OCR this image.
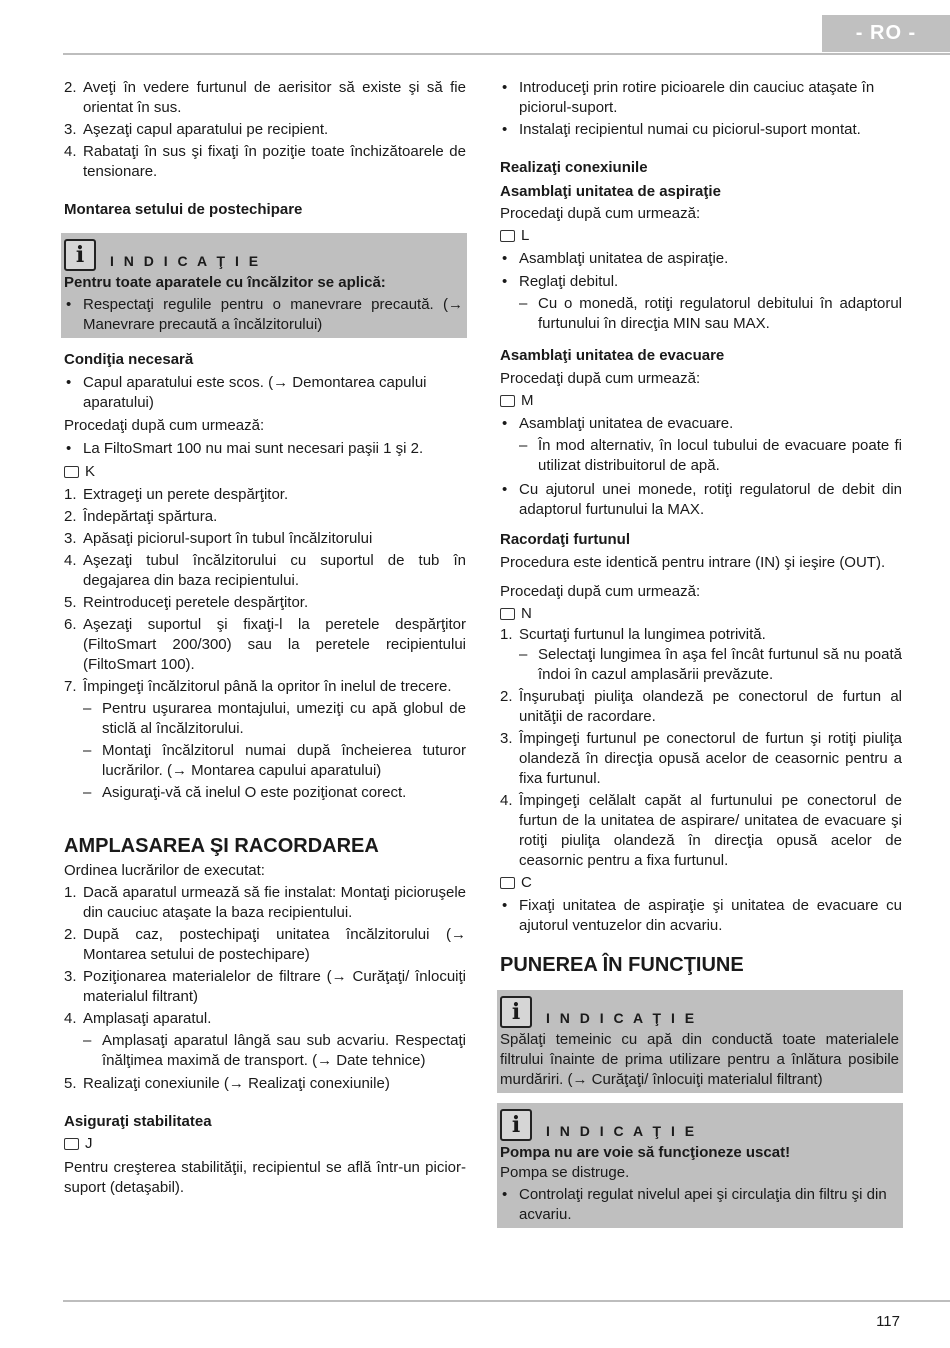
- RO -
2. Aveţi în vedere furtunul de aerisitor să existe şi să fie orientat în sus.
3. Aşezaţi capul aparatului pe recipient.
4. Rabataţi în sus şi fixaţi în poziţie toate închizătoarele de tensionare.

Montarea setului de postechipare

i	I N D I C A Ţ I E

Pentru toate aparatele cu încălzitor se aplică:

• Respectaţi regulile pentru o manevrare precaută. (→ Manevrare precaută a încălzitorului)

Condiţia necesară

• Capul aparatului este scos. (→ Demontarea capului aparatului)

Procedaţi după cum urmează:

• La FiltoSmart 100 nu mai sunt necesari paşii 1 şi 2.
K
1. Extrageţi un perete despărţitor.
2. Îndepărtaţi spărtura.
3. Apăsaţi piciorul-suport în tubul încălzitorului
4. Aşezaţi tubul încălzitorului cu suportul de tub în degajarea din baza recipientului.
5. Reintroduceţi peretele despărţitor.
6. Aşezaţi suportul şi fixaţi-l la peretele despărţitor (FiltoSmart 200/300) sau la peretele recipientului (FiltoSmart 100).
7. Împingeţi încălzitorul până la opritor în inelul de trecere.
– Pentru uşurarea montajului, umeziţi cu apă globul de sticlă al încălzitorului.
– Montaţi încălzitorul numai după încheierea tuturor lucrărilor. (→ Montarea capului aparatului)
– Asiguraţi-vă că inelul O este poziţionat corect.

AMPLASAREA ŞI RACORDAREA

Ordinea lucrărilor de executat:

1. Dacă aparatul urmează să fie instalat: Montaţi picioruşele din cauciuc ataşate la baza recipientului.
2. După caz, postechipaţi unitatea încălzitorului (→ Montarea setului de postechipare)
3. Poziţionarea materialelor de filtrare (→ Curăţaţi/ înlocuiţi materialul filtrant)
4. Amplasaţi aparatul.
– Amplasaţi aparatul lângă sau sub acvariu. Respectaţi înălţimea maximă de transport. (→ Date tehnice)
5. Realizaţi conexiunile (→ Realizaţi conexiunile)

Asiguraţi stabilitatea

J

Pentru creşterea stabilităţii, recipientul se află într-un picior-suport (detaşabil).

• Introduceţi prin rotire picioarele din cauciuc ataşate în piciorul-suport.
• Instalaţi recipientul numai cu piciorul-suport montat.

Realizaţi conexiunile

Asamblaţi unitatea de aspiraţie

Procedaţi după cum urmează:

L
• Asamblaţi unitatea de aspiraţie.
• Reglaţi debitul.
– Cu o monedă, rotiţi regulatorul debitului în adaptorul furtunului în direcţia MIN sau MAX.

Asamblaţi unitatea de evacuare

Procedaţi după cum urmează:

M
• Asamblaţi unitatea de evacuare.
– În mod alternativ, în locul tubului de evacuare poate fi utilizat distribuitorul de apă.
• Cu ajutorul unei monede, rotiţi regulatorul de debit din adaptorul furtunului la MAX.

Racordaţi furtunul

Procedura este identică pentru intrare (IN) şi ieşire (OUT).

Procedaţi după cum urmează:

N
1. Scurtaţi furtunul la lungimea potrivită.
– Selectaţi lungimea în aşa fel încât furtunul să nu poată îndoi în cazul amplasării prevăzute.
2. Înşurubaţi piuliţa olandeză pe conectorul de furtun al unităţii de racordare.
3. Împingeţi furtunul pe conectorul de furtun şi rotiţi piuliţa olandeză în direcţia opusă acelor de ceasornic pentru a fixa furtunul.
4. Împingeţi celălalt capăt al furtunului pe conectorul de furtun de la unitatea de aspirare/ unitatea de evacuare şi rotiţi piuliţa olandeză în direcţia opusă acelor de ceasornic pentru a fixa furtunul.
C
• Fixaţi unitatea de aspiraţie şi unitatea de evacuare cu ajutorul ventuzelor din acvariu.

PUNEREA ÎN FUNCŢIUNE

i	I N D I C A Ţ I E

Spălaţi temeinic cu apă din conductă toate materialele filtrului înainte de prima utilizare pentru a înlătura posibile murdăriri. (→ Curăţaţi/ înlocuiţi materialul filtrant)

i	I N D I C A Ţ I E

Pompa nu are voie să funcţioneze uscat!

Pompa se distruge.

• Controlaţi regulat nivelul apei şi circulaţia din filtru şi din acvariu.
117
